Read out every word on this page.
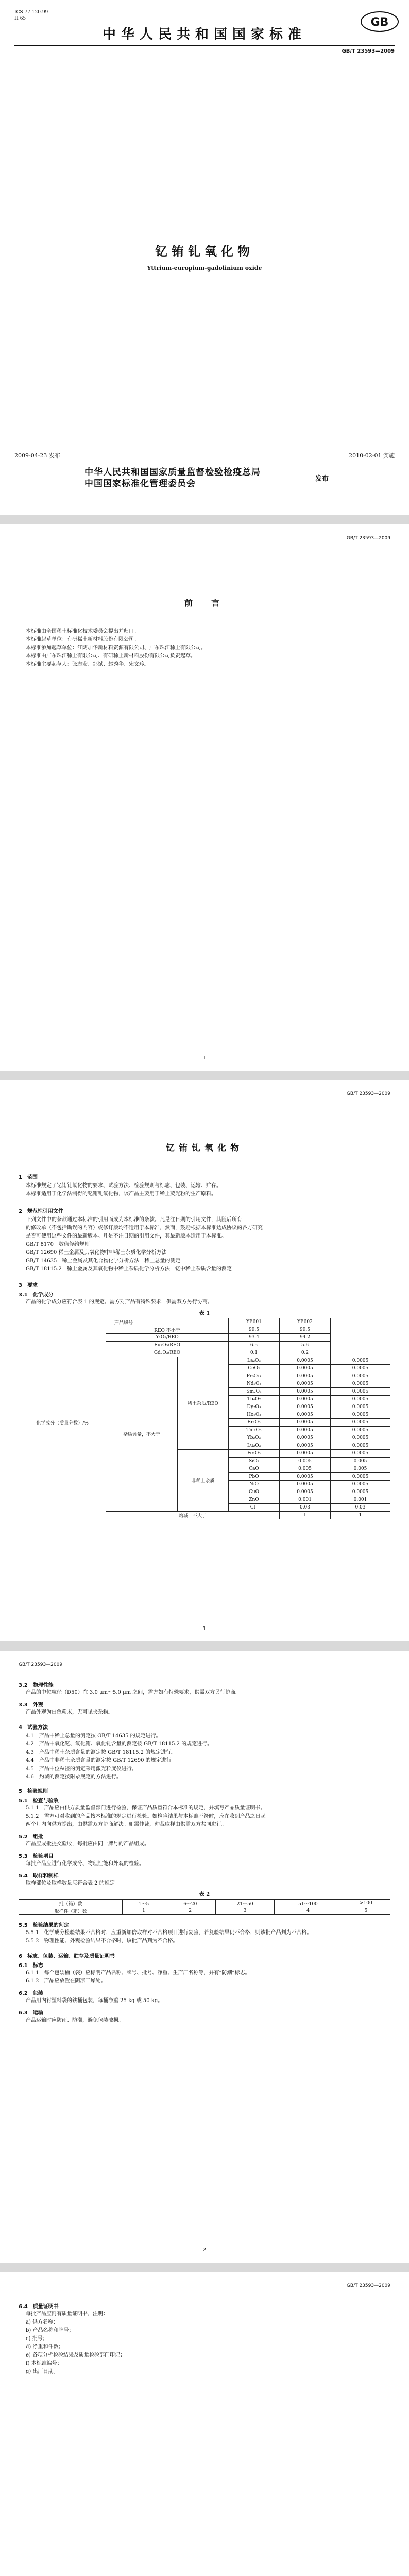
ICS 77.120.99
H 65	GB
中华人民共和国国家标准
GB/T 23593—2009
钇铕钆氧化物
Yttrium-europium-gadolinium oxide
2009-04-23 发布	2010-02-01 实施
中华人民共和国国家质量监督检验检疫总局
中国国家标准化管理委员会	发布
GB/T 23593—2009
前　言
本标准由全国稀土标准化技术委员会提出并归口。
本标准起草单位：有研稀土新材料股份有限公司。
本标准参加起草单位：江阴加华新材料资源有限公司、广东珠江稀土有限公司。
本标准由广东珠江稀土有限公司、有研稀土新材料股份有限公司负责起草。
本标准主要起草人：张志宏、邹斌、赵秀华、宋文珍。
I
GB/T 23593—2009
钇铕钆氧化物
1　范围
本标准规定了钇铕钆氧化物的要求、试验方法、检验规则与标志、包装、运输、贮存。
本标准适用于化学法制得的钇铕钆氧化物，该产品主要用于稀土荧光粉的生产原料。
2　规范性引用文件
下列文件中的条款通过本标准的引用而成为本标准的条款。凡是注日期的引用文件，其随后所有
的修改单（不包括勘误的内容）或修订版均不适用于本标准，然而，鼓励根据本标准达成协议的各方研究
是否可使用这些文件的最新版本。凡是不注日期的引用文件，其最新版本适用于本标准。
GB/T 8170　数值修约规则
GB/T 12690 稀土金属及其氧化物中非稀土杂质化学分析方法
GB/T 14635　稀土金属及其化合物化学分析方法　稀土总量的测定
GB/T 18115.2　稀土金属及其氧化物中稀土杂质化学分析方法　钇中稀土杂质含量的测定
3　要求
3.1　化学成分
产品的化学成分应符合表 1 的规定。需方对产品有特殊要求，供需双方另行协商。
表 1
产品牌号			YE601	YE602	
化学成分（质量分数）/%	REO 不小于		99.5	99.5	
	Y₂O₃/REO		93.4	94.2	
	Eu₂O₃/REO		6.5	5.6	
	Gd₂O₃/REO		0.1	0.2	
	杂质含量，不大于	稀土杂质/REO	La₂O₃	0.0005	0.0005
			CeO₂	0.0005	0.0005
			Pr₆O₁₁	0.0005	0.0005
			Nd₂O₃	0.0005	0.0005
			Sm₂O₃	0.0005	0.0005
			Tb₄O₇	0.0005	0.0005
			Dy₂O₃	0.0005	0.0005
			Ho₂O₃	0.0005	0.0005
			Er₂O₃	0.0005	0.0005
			Tm₂O₃	0.0005	0.0005
			Yb₂O₃	0.0005	0.0005
			Lu₂O₃	0.0005	0.0005
		非稀土杂质	Fe₂O₃	0.0005	0.0005
			SiO₂	0.005	0.005
			CaO	0.005	0.005
			PbO	0.0005	0.0005
			NiO	0.0005	0.0005
			CuO	0.0005	0.0005
			ZnO	0.001	0.001
			Cl⁻	0.03	0.03
	灼减，不大于			1	1
1
GB/T 23593—2009
3.2　物理性能
产品的中位粒径（D50）在 3.0 μm～5.0 μm 之间，需方如有特殊要求，供需双方另行协商。
3.3　外观
产品外观为白色粉末，无可见夹杂物。
4　试验方法
4.1　产品中稀土总量的测定按 GB/T 14635 的规定进行。
4.2　产品中氧化钇、氧化铕、氧化钆含量的测定按 GB/T 18115.2 的规定进行。
4.3　产品中稀土杂质含量的测定按 GB/T 18115.2 的规定进行。
4.4　产品中非稀土杂质含量的测定按 GB/T 12690 的规定进行。
4.5　产品中位粒径的测定采用激光粒度仪进行。
4.6　灼减的测定按附录规定的方法进行。
5　检验规则
5.1　检查与验收
5.1.1　产品应由供方质量监督部门进行检验，保证产品质量符合本标准的规定，并填写产品质量证明书。
5.1.2　需方可对收到的产品按本标准的规定进行检验。如检验结果与本标准不符时，应在收到产品之日起
两个月内向供方提出，由供需双方协商解决。如需仲裁，仲裁取样由供需双方共同进行。
5.2　组批
产品应成批提交验收，每批应由同一牌号的产品组成。
5.3　检验项目
每批产品应进行化学成分、物理性能和外观的检验。
5.4　取样和制样
取样部位及取样数量应符合表 2 的规定。
表 2
批（箱）数	1～5	6～20	21～50	51～100	>100
取样件（箱）数	1	2	3	4	5
5.5　检验结果的判定
5.5.1　化学成分检验结果不合格时，应重新加倍取样对不合格项目进行复验，若复验结果仍不合格，则该批产品判为不合格。
5.5.2　物理性能、外观检验结果不合格时，该批产品判为不合格。
6　标志、包装、运输、贮存及质量证明书
6.1　标志
6.1.1　每个包装桶（袋）应标明产品名称、牌号、批号、净重、生产厂名称等，并有“防潮”标志。
6.1.2　产品应放置在阴凉干燥处。
6.2　包装
产品用内衬塑料袋的铁桶包装，每桶净重 25 kg 或 50 kg。
6.3　运输
产品运输时应防雨、防潮，避免包装破损。
2
GB/T 23593—2009
6.4　质量证明书
每批产品应附有质量证明书，注明：
a) 供方名称；
b) 产品名称和牌号；
c) 批号；
d) 净重和件数；
e) 各项分析检验结果及质量检验部门印记；
f) 本标准编号；
g) 出厂日期。
